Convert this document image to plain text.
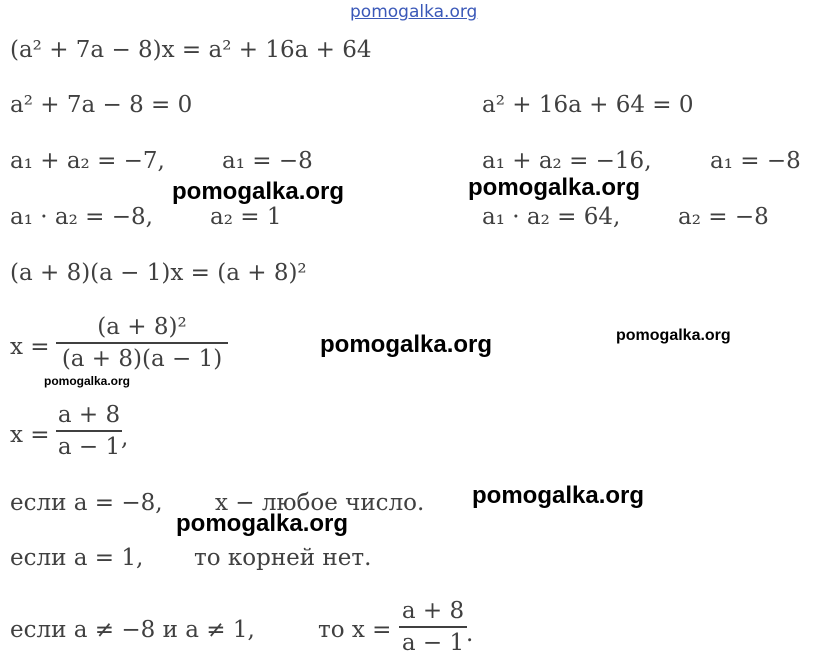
pomogalka.org
(a² + 7a − 8)x = a² + 16a + 64
a² + 7a − 8 = 0	a² + 16a + 64 = 0
a₁ + a₂ = −7, a₁ = −8	a₁ + a₂ = −16,	a₁ = −8
pomogalka.org	pomogalka.org
a₁ · a₂ = −8, a₂ = 1	a₁ · a₂ = 64,	a₂ = −8
(a + 8)(a − 1)x = (a + 8)²
x =
(a + 8)²
(a + 8)(a − 1)
pomogalka.org	pomogalka.org
pomogalka.org
x =
a + 8
a − 1 ,
если a = −8, x − любое число. pomogalka.org
pomogalka.org
если a = 1, то корней нет.
если a ≠ −8 и a ≠ 1,	то x =
a + 8
a − 1 .
